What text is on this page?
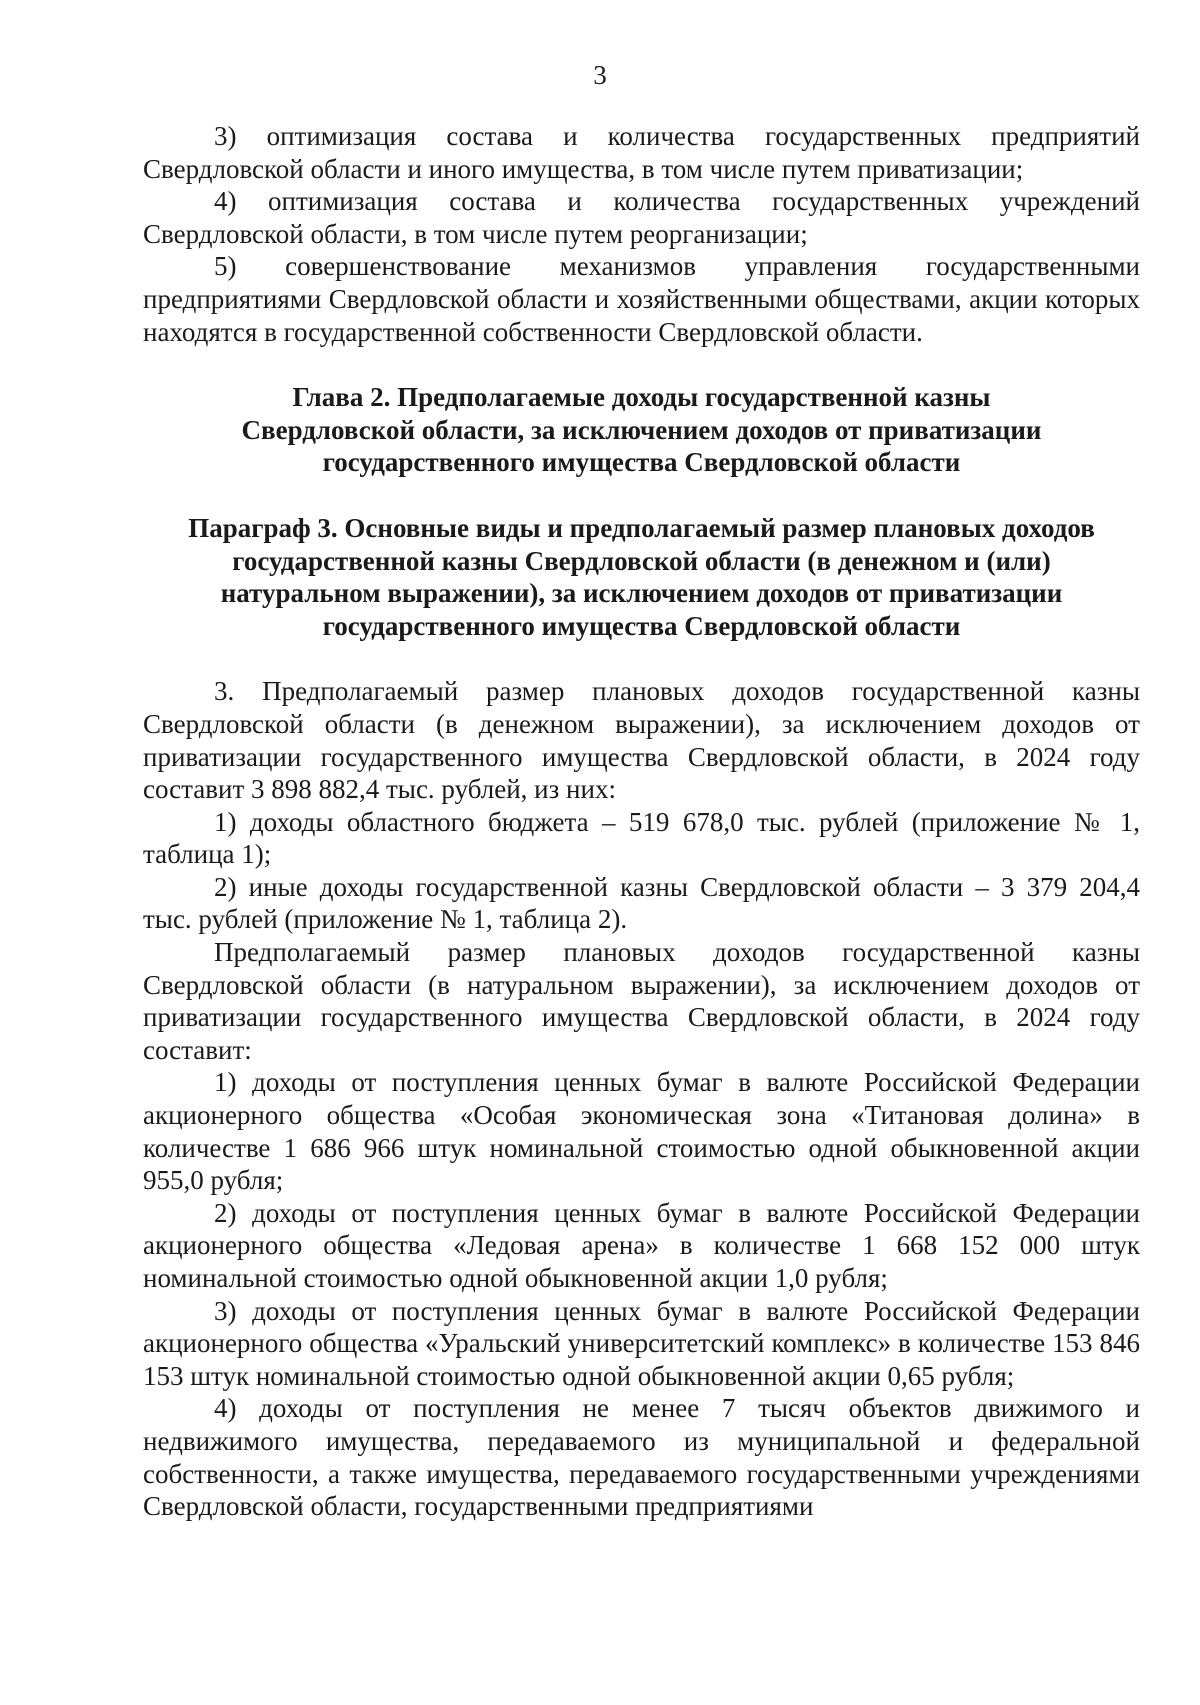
3

3) оптимизация состава и количества государственных предприятий Свердловской области и иного имущества, в том числе путем приватизации;

4) оптимизация состава и количества государственных учреждений Свердловской области, в том числе путем реорганизации;

5) совершенствование механизмов управления государственными предприятиями Свердловской области и хозяйственными обществами, акции которых находятся в государственной собственности Свердловской области.

Глава 2. Предполагаемые доходы государственной казны
Свердловской области, за исключением доходов от приватизации
государственного имущества Свердловской области
Параграф 3. Основные виды и предполагаемый размер плановых доходов
государственной казны Свердловской области (в денежном и (или)
натуральном выражении), за исключением доходов от приватизации
государственного имущества Свердловской области

3. Предполагаемый размер плановых доходов государственной казны Свердловской области (в денежном выражении), за исключением доходов от приватизации государственного имущества Свердловской области, в 2024 году составит 3 898 882,4 тыс. рублей, из них:

1) доходы областного бюджета – 519 678,0 тыс. рублей (приложение № 1, таблица 1);

2) иные доходы государственной казны Свердловской области – 3 379 204,4 тыс. рублей (приложение № 1, таблица 2).

Предполагаемый размер плановых доходов государственной казны Свердловской области (в натуральном выражении), за исключением доходов от приватизации государственного имущества Свердловской области, в 2024 году составит:

1) доходы от поступления ценных бумаг в валюте Российской Федерации акционерного общества «Особая экономическая зона «Титановая долина» в количестве 1 686 966 штук номинальной стоимостью одной обыкновенной акции 955,0 рубля;

2) доходы от поступления ценных бумаг в валюте Российской Федерации акционерного общества «Ледовая арена» в количестве 1 668 152 000 штук номинальной стоимостью одной обыкновенной акции 1,0 рубля;

3) доходы от поступления ценных бумаг в валюте Российской Федерации акционерного общества «Уральский университетский комплекс» в количестве 153 846 153 штук номинальной стоимостью одной обыкновенной акции 0,65 рубля;

4) доходы от поступления не менее 7 тысяч объектов движимого и недвижимого имущества, передаваемого из муниципальной и федеральной собственности, а также имущества, передаваемого государственными учреждениями Свердловской области, государственными предприятиями
